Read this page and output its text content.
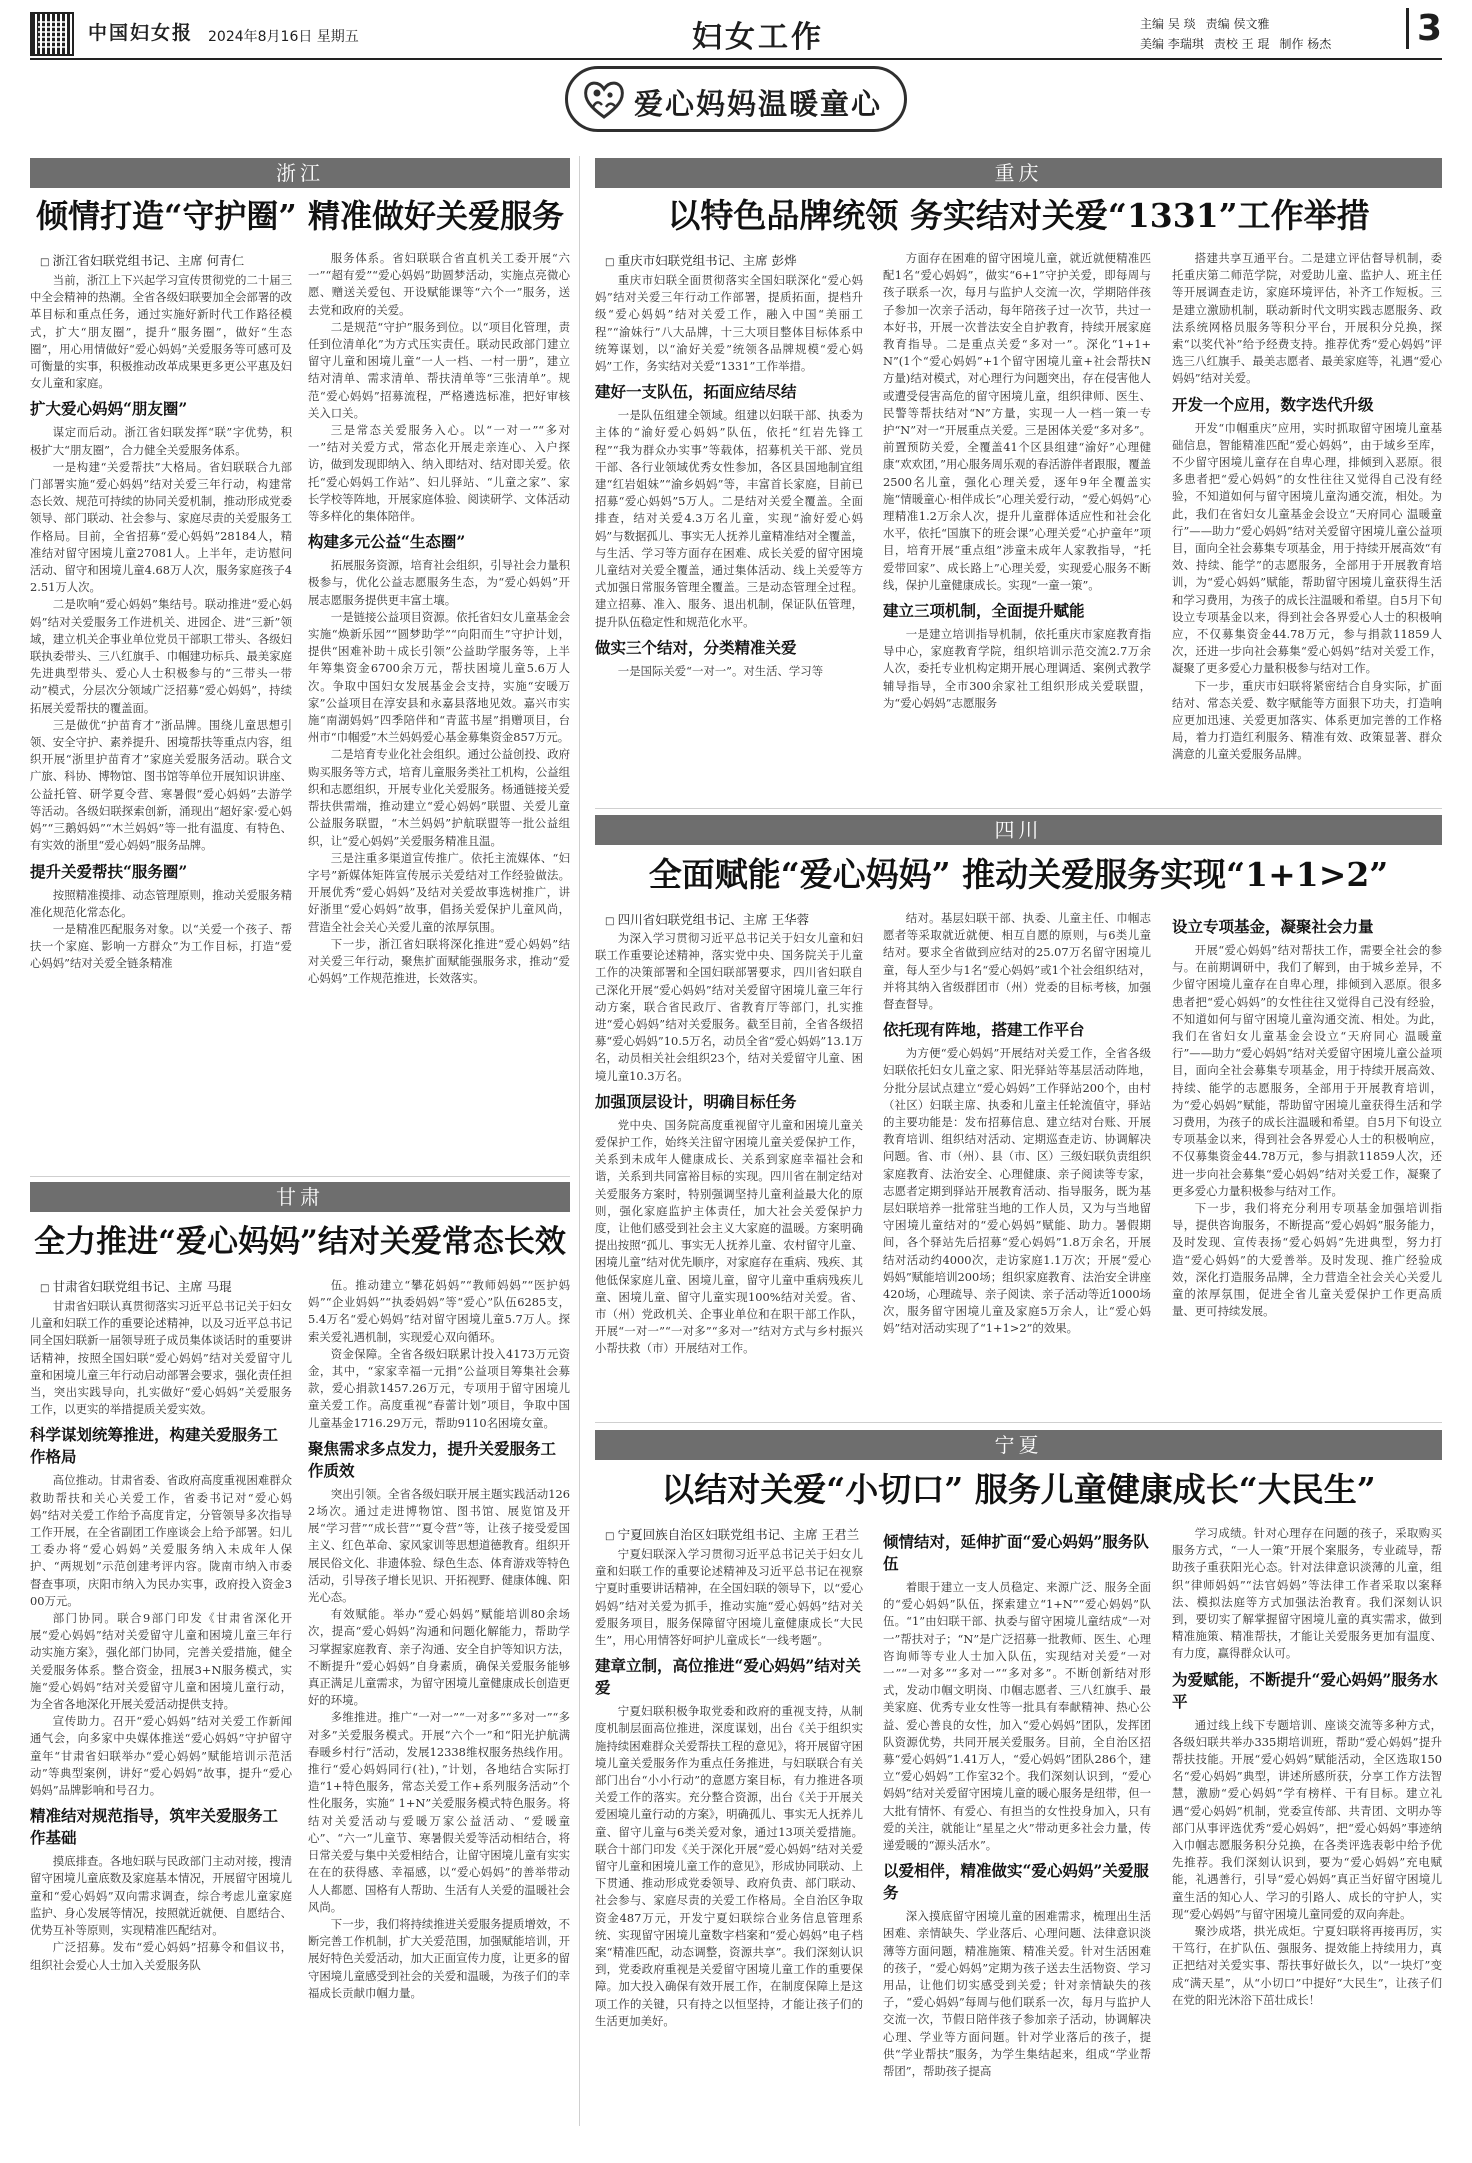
中国妇女报 2024年8月16日 星期五	妇女工作	主编 吴 琰 责编 侯文雅
美编 李瑞琪 责校 王 琨 制作 杨杰	3
爱心妈妈温暖童心
浙江
倾情打造“守护圈” 精准做好关爱服务
□ 浙江省妇联党组书记、主席 何青仁

当前，浙江上下兴起学习宣传贯彻党的二十届三中全会精神的热潮。全省各级妇联要加全会部署的改革目标和重点任务，通过实施好新时代工作路径模式，扩大“朋友圈”，提升“服务圈”，做好“生态圈”，用心用情做好“爱心妈妈”关爱服务等可感可及可衡量的实事，积极推动改革成果更多更公平惠及妇女儿童和家庭。

扩大爱心妈妈“朋友圈”

谋定而后动。浙江省妇联发挥“联”字优势，积极扩大“朋友圈”，合力健全关爱服务体系。

一是构建“关爱帮扶”大格局。省妇联联合九部门部署实施“爱心妈妈”结对关爱三年行动，构建常态长效、规范可持续的协同关爱机制，推动形成党委领导、部门联动、社会参与、家庭尽责的关爱服务工作格局。目前，全省招募“爱心妈妈”28184人，精准结对留守困境儿童27081人。上半年，走访慰问活动、留守和困境儿童4.68万人次，服务家庭孩子42.51万人次。

二是吹响“爱心妈妈”集结号。联动推进“爱心妈妈”结对关爱服务工作进机关、进园企、进“三新”领域，建立机关企事业单位党员干部职工带头、各级妇联执委带头、三八红旗手、巾帼建功标兵、最美家庭先进典型带头、爱心人士积极参与的“三带头一带动”模式，分层次分领域广泛招募“爱心妈妈”，持续拓展关爱帮扶的覆盖面。

三是做优“护苗育才”浙品牌。围绕儿童思想引领、安全守护、素养提升、困境帮扶等重点内容，组织开展“浙里护苗育才”家庭关爱服务活动。联合文广旅、科协、博物馆、图书馆等单位开展知识讲座、公益托管、研学夏令营、寒暑假“爱心妈妈”去游学等活动。各级妇联探索创新，涌现出“超好家·爱心妈妈”“三鹅妈妈”“木兰妈妈”等一批有温度、有特色、有实效的浙里“爱心妈妈”服务品牌。

提升关爱帮扶“服务圈”

按照精准摸排、动态管理原则，推动关爱服务精准化规范化常态化。

一是精准匹配服务对象。以“关爱一个孩子、帮扶一个家庭、影响一方群众”为工作目标，打造“爱心妈妈”结对关爱全链条精准

服务体系。省妇联联合省直机关工委开展“六一”“超有爱”“爱心妈妈”助圆梦活动，实施点亮微心愿、赠送关爱包、开设赋能课等“六个一”服务，送去党和政府的关爱。

二是规范“守护”服务到位。以“项目化管理，责任到位清单化”为方式压实责任。联动民政部门建立留守儿童和困境儿童“一人一档、一村一册”，建立结对清单、需求清单、帮扶清单等“三张清单”。规范“爱心妈妈”招募流程，严格遴选标准，把好审核关入口关。

三是常态关爱服务入心。以“一对一”“多对一”结对关爱方式，常态化开展走亲连心、入户探访，做到发现即纳入、纳入即结对、结对即关爱。依托“爱心妈妈工作站”、妇儿驿站、“儿童之家”、家长学校等阵地，开展家庭体验、阅读研学、文体活动等多样化的集体陪伴。

构建多元公益“生态圈”

拓展服务资源，培育社会组织，引导社会力量积极参与，优化公益志愿服务生态，为“爱心妈妈”开展志愿服务提供更丰富土壤。

一是链接公益项目资源。依托省妇女儿童基金会实施“焕新乐园”“圆梦助学”“向阳而生”守护计划，提供“困难补助＋成长引领”公益助学服务等，上半年筹集资金6700余万元，帮扶困境儿童5.6万人次。争取中国妇女发展基金会支持，实施“安暖万家”公益项目在淳安县和永嘉县落地见效。嘉兴市实施“南湖妈妈”四季陪伴和“青蓝书屋”捐赠项目，台州市“巾帼爱”木兰妈妈爱心基金募集资金857万元。

二是培育专业化社会组织。通过公益创投、政府购买服务等方式，培育儿童服务类社工机构，公益组织和志愿组织，开展专业化关爱服务。杨通链接关爱帮扶供需端，推动建立“爱心妈妈”联盟、关爱儿童公益服务联盟，“木兰妈妈”护航联盟等一批公益组织，让“爱心妈妈”关爱服务精准且温。

三是注重多渠道宣传推广。依托主流媒体、“妇字号”新媒体矩阵宣传展示关爱结对工作经验做法。开展优秀“爱心妈妈”及结对关爱故事选树推广，讲好浙里“爱心妈妈”故事，倡扬关爱保护儿童风尚，营造全社会关心关爱儿童的浓厚氛围。

下一步，浙江省妇联将深化推进“爱心妈妈”结对关爱三年行动，聚焦扩面赋能强服务求，推动“爱心妈妈”工作规范推进，长效落实。

重庆
以特色品牌统领 务实结对关爱“1331”工作举措
□ 重庆市妇联党组书记、主席 彭烨

重庆市妇联全面贯彻落实全国妇联深化“爱心妈妈”结对关爱三年行动工作部署，提质拓面，提档升级“爱心妈妈”结对关爱工作，融入中国“美丽工程”“渝妹行”八大品牌，十三大项目整体目标体系中统筹谋划，以“渝好关爱”统领各品牌规模“爱心妈妈”工作，务实结对关爱“1331”工作举措。

建好一支队伍，拓面应结尽结

一是队伍组建全领域。组建以妇联干部、执委为主体的“渝好爱心妈妈”队伍，依托“红岩先锋工程”“我为群众办实事”等载体，招募机关干部、党员干部、各行业领域优秀女性参加，各区县国地制宜组建“红岩姐妹”“渝乡妈妈”等，丰富首长家庭，目前已招募“爱心妈妈”5万人。二是结对关爱全覆盖。全面排查，结对关爱4.3万名儿童，实现“渝好爱心妈妈”与数据孤儿、事实无人抚养儿童精准结对全覆盖，与生活、学习等方面存在困难、成长关爱的留守困境儿童结对关爱全覆盖，通过集体活动、线上关爱等方式加强日常服务管理全覆盖。三是动态管理全过程。建立招募、准入、服务、退出机制，保证队伍管理，提升队伍稳定性和规范化水平。

做实三个结对，分类精准关爱

一是国际关爱“一对一”。对生活、学习等

方面存在困难的留守困境儿童，就近就便精准匹配1名“爱心妈妈”，做实“6+1”守护关爱，即每周与孩子联系一次，每月与监护人交流一次，学期陪伴孩子参加一次亲子活动，每年陪孩子过一次节，共过一本好书，开展一次普法安全自护教育，持续开展家庭教育指导。二是重点关爱“多对一”。深化“1+1+N”(1个“爱心妈妈”+1个留守困境儿童+社会帮扶N方量)结对模式，对心理行为问题突出，存在侵害他人或遭受侵害高危的留守困境儿童，组织律师、医生、民警等帮扶结对“N”方量，实现一人一档一策一专护“N”对一“开展重点关爱。三是困体关爱“多对多”。前置预防关爱，全覆盖41个区县组建“渝好”心理健康“欢欢团，”用心服务周乐观的春活游伴者跟服，覆盖2500名儿童，强化心理关爱，逐年9年全覆盖实施“情暖童心·相伴成长”心理关爱行动，“爱心妈妈”心理精准1.2万余人次，提升儿童群体适应性和社会化水平，依托“国旗下的班会课”心理关爱“心护童年”项目，培育开展“重点组”涉童未成年人家教指导，“托爱带回家”、成长路上”心理关爱，实现爱心服务不断线，保护儿童健康成长。实现“一童一策”。

建立三项机制，全面提升赋能

一是建立培训指导机制，依托重庆市家庭教育指导中心，家庭教育学院，组织培训示范交流2.7万余人次，委托专业机构定期开展心理调适、案例式教学辅导指导，全市300余家社工组织形成关爱联盟，为“爱心妈妈”志愿服务

搭建共享互通平台。二是建立评估督导机制，委托重庆第二师范学院，对爱助儿童、监护人、班主任等开展调查走访，家庭环境评估，补齐工作短板。三是建立激励机制，联动新时代文明实践志愿服务、政法系统网格员服务等积分平台，开展积分兑换，探索“以奖代补”给予经费支持。推荐优秀“爱心妈妈”评选三八红旗手、最美志愿者、最美家庭等，礼遇“爱心妈妈”结对关爱。

开发一个应用，数字迭代升级

开发“巾帼重庆”应用，实时抓取留守困境儿童基础信息，智能精准匹配“爱心妈妈”，由于域乡至库，不少留守困境儿童存在自卑心理，排倾到入恶原。很多患者把“爱心妈妈”的女性往往又觉得自己没有经验，不知道如何与留守困境儿童沟通交流，相处。为此，我们在省妇女儿童基金会设立“天府同心 温暖童行”——助力“爱心妈妈”结对关爱留守困境儿童公益项目，面向全社会募集专项基金，用于持续开展高效“有效、持续、能学”的志愿服务，全部用于开展教育培训，为“爱心妈妈”赋能，帮助留守困境儿童获得生活和学习费用，为孩子的成长注温暖和希望。自5月下旬设立专项基金以来，得到社会各界爱心人士的积极响应，不仅募集资金44.78万元，参与捐款11859人次，还进一步向社会募集“爱心妈妈”结对关爱工作，凝聚了更多爱心力量积极参与结对工作。

下一步，重庆市妇联将紧密结合自身实际，扩面结对、常态关爱、数字赋能等方面狠下功夫，打造响应更加迅速、关爱更加落实、体系更加完善的工作格局，着力打造红利服务、精准有效、政策显著、群众满意的儿童关爱服务品牌。

四川
全面赋能“爱心妈妈” 推动关爱服务实现“1+1>2”
□ 四川省妇联党组书记、主席 王华蓉

为深入学习贯彻习近平总书记关于妇女儿童和妇联工作重要论述精神，落实党中央、国务院关于儿童工作的决策部署和全国妇联部署要求，四川省妇联自己深化开展“爱心妈妈”结对关爱留守困境儿童三年行动方案，联合省民政厅、省教育厅等部门，扎实推进“爱心妈妈”结对关爱服务。截至目前，全省各级招募“爱心妈妈”10.5万名，动员全省“爱心妈妈”13.1万名，动员相关社会组织23个，结对关爱留守儿童、困境儿童10.3万名。

加强顶层设计，明确目标任务

党中央、国务院高度重视留守儿童和困境儿童关爱保护工作，始终关注留守困境儿童关爱保护工作，关系到未成年人健康成长、关系到家庭幸福社会和谐，关系到共同富裕目标的实现。四川省在制定结对关爱服务方案时，特别强调坚持儿童利益最大化的原则，强化家庭监护主体责任，加大社会关爱保护力度，让他们感受到社会主义大家庭的温暖。方案明确提出按照“孤儿、事实无人抚养儿童、农村留守儿童、困境儿童”结对优先顺序，对家庭存在重病、残疾、其他低保家庭儿童、困境儿童，留守儿童中重病残疾儿童、困境儿童、留守儿童实现100%结对关爱。省、市（州）党政机关、企事业单位和在职干部工作队，开展“一对一”“一对多”“多对一”结对方式与乡村振兴小帮扶救（市）开展结对工作。

结对。基层妇联干部、执委、儿童主任、巾帼志愿者等采取就近就便、相互自愿的原则，与6类儿童结对。要求全省做到应结对的25.07万名留守困境儿童，每人至少与1名“爱心妈妈”或1个社会组织结对，并将其纳入省级群团市（州）党委的目标考核，加强督查督导。

依托现有阵地，搭建工作平台

为方便“爱心妈妈”开展结对关爱工作，全省各级妇联依托妇女儿童之家、阳光驿站等基层活动阵地，分批分层试点建立“爱心妈妈”工作驿站200个，由村（社区）妇联主席、执委和儿童主任轮流值守，驿站的主要功能是：发布招募信息、建立结对台账、开展教育培训、组织结对活动、定期巡查走访、协调解决问题。省、市（州）、县（市、区）三级妇联负责组织家庭教育、法治安全、心理健康、亲子阅读等专家，志愿者定期到驿站开展教育活动、指导服务，既为基层妇联培养一批常驻当地的工作人员，又为与当地留守困境儿童结对的“爱心妈妈”赋能、助力。暑假期间，各个驿站先后招募“爱心妈妈”1.8万余名，开展结对活动约4000次，走访家庭1.1万次；开展“爱心妈妈”赋能培训200场；组织家庭教育、法治安全讲座420场，心理疏导、亲子阅读、亲子活动等近1000场次，服务留守困境儿童及家庭5万余人，让“爱心妈妈”结对活动实现了“1+1>2”的效果。

设立专项基金，凝聚社会力量

开展“爱心妈妈”结对帮扶工作，需要全社会的参与。在前期调研中，我们了解到，由于城乡差异，不少留守困境儿童存在自卑心理，排倾到入恶原。很多患者把“爱心妈妈”的女性往往又觉得自己没有经验，不知道如何与留守困境儿童沟通交流、相处。为此，我们在省妇女儿童基金会设立“天府同心 温暖童行”——助力“爱心妈妈”结对关爱留守困境儿童公益项目，面向全社会募集专项基金，用于持续开展高效、持续、能学的志愿服务，全部用于开展教育培训，为“爱心妈妈”赋能，帮助留守困境儿童获得生活和学习费用，为孩子的成长注温暖和希望。自5月下旬设立专项基金以来，得到社会各界爱心人士的积极响应，不仅募集资金44.78万元，参与捐款11859人次，还进一步向社会募集“爱心妈妈”结对关爱工作，凝聚了更多爱心力量积极参与结对工作。

下一步，我们将充分利用专项基金加强培训指导，提供咨询服务，不断提高“爱心妈妈”服务能力，及时发现、宣传表扬“爱心妈妈”先进典型，努力打造“爱心妈妈”的大爱善举。及时发现、推广经验成效，深化打造服务品牌，全力营造全社会关心关爱儿童的浓厚氛围，促进全省儿童关爱保护工作更高质量、更可持续发展。

甘肃
全力推进“爱心妈妈”结对关爱常态长效
□ 甘肃省妇联党组书记、主席 马琨

甘肃省妇联认真贯彻落实习近平总书记关于妇女儿童和妇联工作的重要论述精神，以及习近平总书记同全国妇联新一届领导班子成员集体谈话时的重要讲话精神，按照全国妇联“爱心妈妈”结对关爱留守儿童和困境儿童三年行动启动部署会要求，强化责任担当，突出实践导向，扎实做好“爱心妈妈”关爱服务工作，以更实的举措提质关爱实效。

科学谋划统筹推进，构建关爱服务工作格局

高位推动。甘肃省委、省政府高度重视困难群众救助帮扶和关心关爱工作，省委书记对“爱心妈妈”结对关爱工作给予高度肯定，分管领导多次指导工作开展，在全省副团工作座谈会上给予部署。妇儿工委办将“爱心妈妈”关爱服务纳入未成年人保护、“两规划”示范创建考评内容。陇南市纳入市委督查事项，庆阳市纳入为民办实事，政府投入资金300万元。

部门协同。联合9部门印发《甘肃省深化开展“爱心妈妈”结对关爱留守儿童和困境儿童三年行动实施方案》，强化部门协同，完善关爱措施，健全关爱服务体系。整合资金，扭展3+N服务模式，实施“爱心妈妈”结对关爱留守儿童和困境儿童行动，为全省各地深化开展关爱活动提供支持。

宣传助力。召开“爱心妈妈”结对关爱工作新闻通气会，向多家中央媒体推送“爱心妈妈”守护留守童年“甘肃省妇联举办“爱心妈妈”赋能培训示范活动”等典型案例，讲好“爱心妈妈”故事，提升“爱心妈妈”品牌影响和号召力。

精准结对规范指导，筑牢关爱服务工作基础

摸底排查。各地妇联与民政部门主动对接，搜清留守困境儿童底数及家庭基本情况，开展留守困境儿童和“爱心妈妈”双向需求调查，综合考虑儿童家庭监护、身心发展等情况，按照就近就便、自愿结合、优势互补等原则，实现精准匹配结对。

广泛招募。发布“爱心妈妈”招募令和倡议书，组织社会爱心人士加入关爱服务队

伍。推动建立“攀花妈妈”“教师妈妈”“医护妈妈”“企业妈妈”“执委妈妈”等“爱心”队伍6285支，5.4万名“爱心妈妈”结对留守困境儿童5.7万人。探索关爱礼遇机制，实现爱心双向循环。

资金保障。全省各级妇联累计投入4173万元资金，其中，“家家幸福一元捐”公益项目筹集社会募款，爱心捐款1457.26万元，专项用于留守困境儿童关爱工作。高度重视“春蕾计划”项目，争取中国儿童基金1716.29万元，帮助9110名困境女童。

聚焦需求多点发力，提升关爱服务工作质效

突出引领。全省各级妇联开展主题实践活动1262场次。通过走进博物馆、图书馆、展览馆及开展“学习营”“成长营”“夏令营”等，让孩子接受爱国主义、红色革命、家风家训等思想道德教育。组织开展民俗文化、非遗体验、绿色生态、体育游戏等特色活动，引导孩子增长见识、开拓视野、健康体魄、阳光心态。

有效赋能。举办“爱心妈妈”赋能培训80余场次，提高“爱心妈妈”沟通和问题化解能力，帮助学习掌握家庭教育、亲子沟通、安全自护等知识方法，不断提升“爱心妈妈”自身素质，确保关爱服务能够真正满足儿童需求，为留守困境儿童健康成长创造更好的环境。

多维推进。推广“一对一”“一对多”“多对一”“多对多”关爱服务模式。开展“六个一”和“阳光护航满春暖乡村行”活动，发展12338维权服务热线作用。推行“爱心妈妈同行(社)，”计划，各地结合实际打造“1+特色服务，常态关爱工作+系列服务活动”个性化服务，实施“ 1+N”关爱服务模式特色服务。将结对关爱活动与爱暖万家公益活动、“爱暖童心”、“六一”儿童节、寒暑假关爱等活动相结合，将日常关爱与集中关爱相结合，让留守困境儿童有实实在在的获得感、幸福感，以“爱心妈妈”的善举带动人人都愿、国格有人帮助、生活有人关爱的温暖社会风尚。

下一步，我们将持续推进关爱服务提质增效，不断完善工作机制，扩大关爱范围，加强赋能培训，开展好特色关爱活动，加大正面宣传力度，让更多的留守困境儿童感受到社会的关爱和温暖，为孩子们的幸福成长贡献巾帼力量。

宁夏
以结对关爱“小切口” 服务儿童健康成长“大民生”
□ 宁夏回族自治区妇联党组书记、主席 王君兰

宁夏妇联深入学习贯彻习近平总书记关于妇女儿童和妇联工作的重要论述精神及习近平总书记在视察宁夏时重要讲话精神，在全国妇联的领导下，以“爱心妈妈”结对关爱为抓手，推动实施“爱心妈妈”结对关爱服务项目，服务保障留守困境儿童健康成长“大民生”，用心用情答好呵护儿童成长“一线考题”。

建章立制，高位推进“爱心妈妈”结对关爱

宁夏妇联积极争取党委和政府的重视支持，从制度机制层面高位推进，深度谋划，出台《关于组织实施持续困难群众关爱帮扶工程的意见》，将开展留守困境儿童关爱服务作为重点任务推进，与妇联联合有关部门出台“小小行动”的意愿方案目标，有力推进各项关爱工作的落实。充分整合资源，出台《关于开展关爱困境儿童行动的方案》，明确孤儿、事实无人抚养儿童、留守儿童与6类关爱对象，通过13项关爱措施。联合十部门印发《关于深化开展“爱心妈妈”结对关爱留守儿童和困境儿童工作的意见》，形成协同联动、上下贯通、推动形成党委领导、政府负责、部门联动、社会参与、家庭尽责的关爱工作格局。全自治区争取资金487万元，开发宁夏妇联综合业务信息管理系统、实现留守困境儿童数字档案和“爱心妈妈”电子档案“精准匹配，动态调整，资源共享”。我们深刻认识到，党委政府重视是关爱留守困境儿童工作的重要保障。加大投入确保有效开展工作，在制度保障上是这项工作的关键，只有持之以恒坚持，才能让孩子们的生活更加美好。

倾情结对，延伸扩面“爱心妈妈”服务队伍

着眼于建立一支人员稳定、来源广泛、服务全面的“爱心妈妈”队伍，探索建立“1+N”“爱心妈妈”队伍。“1”由妇联干部、执委与留守困境儿童结成“一对一”帮扶对子；“N”是广泛招募一批教师、医生、心理咨询师等专业人士加入队伍，实现结对关爱“一对一”“一对多”“多对一”“多对多”。不断创新结对形式，发动巾帼文明岗、巾帼志愿者、三八红旗手、最美家庭、优秀专业女性等一批具有奉献精神、热心公益、爱心善良的女性，加入“爱心妈妈”团队，发挥团队资源优势，共同开展关爱服务。目前，全自治区招募“爱心妈妈”1.41万人，“爱心妈妈”团队286个，建立“爱心妈妈”工作室32个。我们深刻认识到，“爱心妈妈”结对关爱留守困境儿童的暖心服务是纽带，但一大批有情怀、有爱心、有担当的女性投身加入，只有爱的关注，就能让“星星之火”带动更多社会力量，传递爱暖的“源头活水”。

以爱相伴，精准做实“爱心妈妈”关爱服务

深入摸底留守困境儿童的困难需求，梳理出生活困难、亲情缺失、学业落后、心理问题、法律意识淡薄等方面问题，精准施策、精准关爱。针对生活困难的孩子，“爱心妈妈”定期为孩子送去生活物资、学习用品，让他们切实感受到关爱；针对亲情缺失的孩子，“爱心妈妈”每周与他们联系一次，每月与监护人交流一次，节假日陪伴孩子参加亲子活动，协调解决心理、学业等方面问题。针对学业落后的孩子，提供“学业帮扶”服务，为学生集结起来，组成“学业帮帮团”，帮助孩子提高

学习成绩。针对心理存在问题的孩子，采取购买服务方式，“一人一策”开展个案服务，专业疏导，帮助孩子重获阳光心态。针对法律意识淡薄的儿童，组织“律师妈妈”“法官妈妈”等法律工作者采取以案释法、模拟法庭等方式加强法治教育。我们深刻认识到，要切实了解掌握留守困境儿童的真实需求，做到精准施策、精准帮扶，才能让关爱服务更加有温度、有力度，赢得群众认可。

为爱赋能，不断提升“爱心妈妈”服务水平

通过线上线下专题培训、座谈交流等多种方式，各级妇联共举办335期培训班，帮助“爱心妈妈”提升帮扶技能。开展“爱心妈妈”赋能活动，全区选取150名“爱心妈妈”典型，讲述所感所获，分享工作方法智慧，激励“爱心妈妈”学有榜样、干有目标。建立礼遇“爱心妈妈”机制，党委宣传部、共青团、文明办等部门从事评选优秀“爱心妈妈”，把“爱心妈妈”事迹纳入巾帼志愿服务积分兑换，在各类评选表彰中给予优先推荐。我们深刻认识到，要为“爱心妈妈”充电赋能，礼遇善行，引导“爱心妈妈”真正当好留守困境儿童生活的知心人、学习的引路人、成长的守护人，实现“爱心妈妈”与留守困境儿童同爱的双向奔赴。

聚沙成塔，拱光成炬。宁夏妇联将再接再厉，实干笃行，在扩队伍、强服务、提效能上持续用力，真正把结对关爱实事、帮扶事好做长久，以“一块灯”变成“满天星”，从“小切口”中提好“大民生”，让孩子们在党的阳光沐浴下茁壮成长！
